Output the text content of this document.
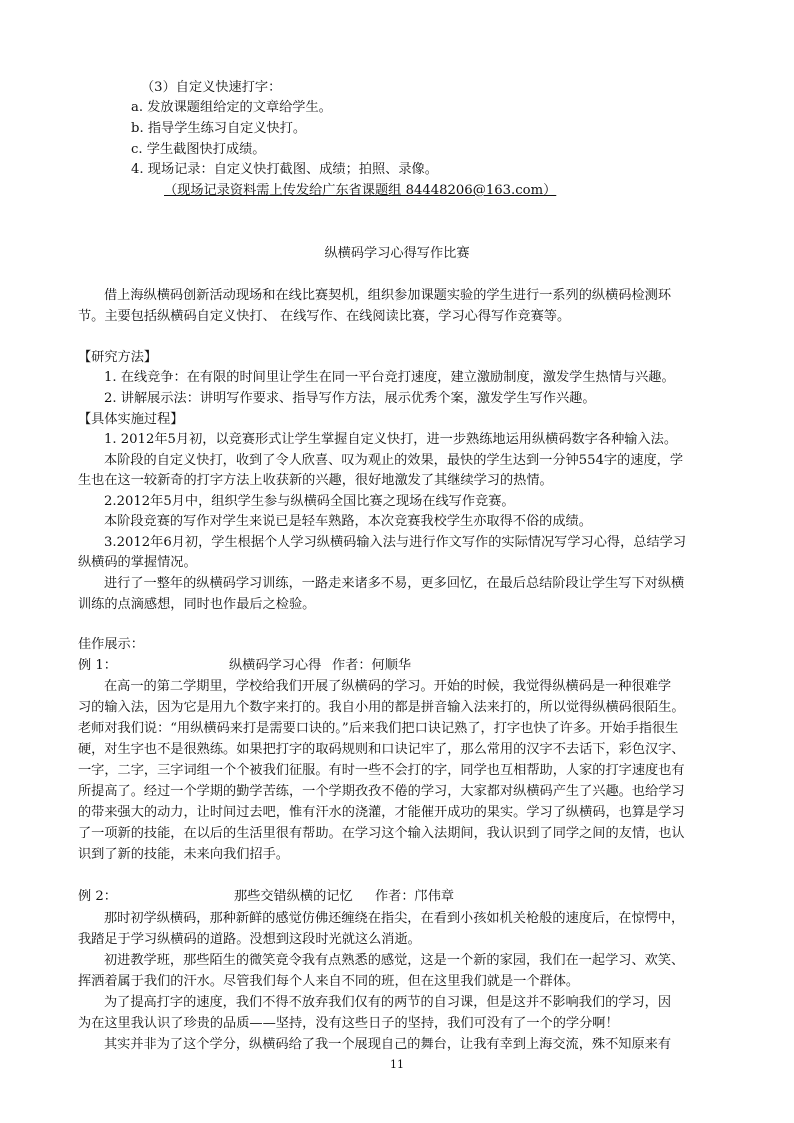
（3）自定义快速打字：
a. 发放课题组给定的文章给学生。
b. 指导学生练习自定义快打。
c. 学生截图快打成绩。
4. 现场记录：自定义快打截图、成绩；拍照、录像。
（现场记录资料需上传发给广东省课题组 84448206@163.com）
纵横码学习心得写作比赛
借上海纵横码创新活动现场和在线比赛契机，组织参加课题实验的学生进行一系列的纵横码检测环
节。主要包括纵横码自定义快打、 在线写作、在线阅读比赛，学习心得写作竞赛等。
【研究方法】
1. 在线竞争：在有限的时间里让学生在同一平台竞打速度，建立激励制度，激发学生热情与兴趣。
2. 讲解展示法：讲明写作要求、指导写作方法，展示优秀个案，激发学生写作兴趣。
【具体实施过程】
1. 2012年5月初，以竞赛形式让学生掌握自定义快打，进一步熟练地运用纵横码数字各种输入法。
本阶段的自定义快打，收到了令人欣喜、叹为观止的效果，最快的学生达到一分钟554字的速度，学
生也在这一较新奇的打字方法上收获新的兴趣，很好地激发了其继续学习的热情。
2.2012年5月中，组织学生参与纵横码全国比赛之现场在线写作竞赛。
本阶段竞赛的写作对学生来说已是轻车熟路，本次竞赛我校学生亦取得不俗的成绩。
3.2012年6月初，学生根据个人学习纵横码输入法与进行作文写作的实际情况写学习心得，总结学习
纵横码的掌握情况。
进行了一整年的纵横码学习训练，一路走来诸多不易，更多回忆，在最后总结阶段让学生写下对纵横
训练的点滴感想，同时也作最后之检验。
佳作展示：
例 1：	纵横码学习心得 作者：何顺华
在高一的第二学期里，学校给我们开展了纵横码的学习。开始的时候，我觉得纵横码是一种很难学
习的输入法，因为它是用九个数字来打的。我自小用的都是拼音输入法来打的，所以觉得纵横码很陌生。
老师对我们说：“用纵横码来打是需要口诀的。”后来我们把口诀记熟了，打字也快了许多。开始手指很生
硬，对生字也不是很熟练。如果把打字的取码规则和口诀记牢了，那么常用的汉字不去话下，彩色汉字、
一字，二字，三字词组一个个被我们征服。有时一些不会打的字，同学也互相帮助，人家的打字速度也有
所提高了。经过一个学期的勤学苦练，一个学期孜孜不倦的学习，大家都对纵横码产生了兴趣。也给学习
的带来强大的动力，让时间过去吧，惟有汗水的浇灌，才能催开成功的果实。学习了纵横码，也算是学习
了一项新的技能，在以后的生活里很有帮助。在学习这个输入法期间，我认识到了同学之间的友情，也认
识到了新的技能，未来向我们招手。
例 2：	那些交错纵横的记忆 作者：邝伟章
那时初学纵横码，那种新鲜的感觉仿佛还缠绕在指尖，在看到小孩如机关枪般的速度后，在惊愕中，
我踏足于学习纵横码的道路。没想到这段时光就这么消逝。
初进教学班，那些陌生的微笑竟令我有点熟悉的感觉，这是一个新的家园，我们在一起学习、欢笑、
挥洒着属于我们的汗水。尽管我们每个人来自不同的班，但在这里我们就是一个群体。
为了提高打字的速度，我们不得不放弃我们仅有的两节的自习课，但是这并不影响我们的学习，因
为在这里我认识了珍贵的品质——坚持，没有这些日子的坚持，我们可没有了一个的学分啊！
其实并非为了这个学分，纵横码给了我一个展现自己的舞台，让我有幸到上海交流，殊不知原来有
11
